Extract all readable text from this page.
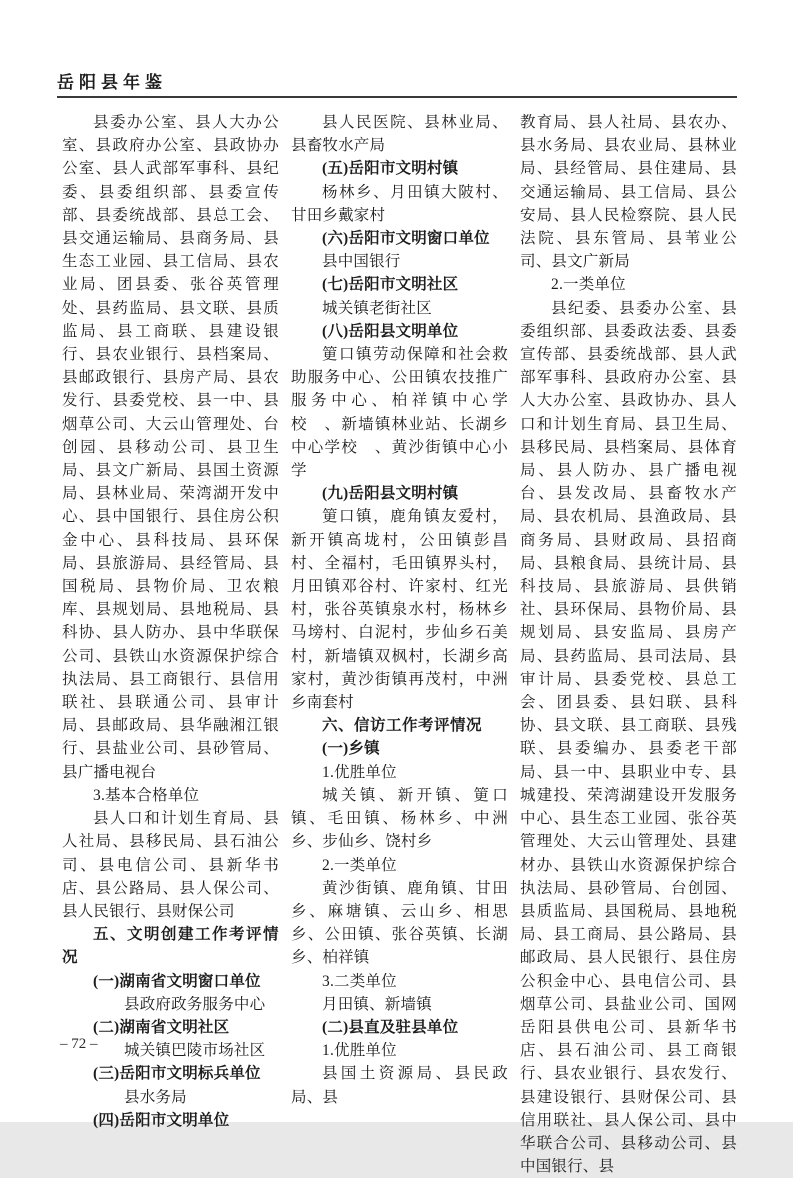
岳阳县年鉴

县委办公室、县人大办公室、县政府办公室、县政协办公室、县人武部军事科、县纪委、县委组织部、县委宣传部、县委统战部、县总工会、县交通运输局、县商务局、县生态工业园、县工信局、县农业局、团县委、张谷英管理处、县药监局、县文联、县质监局、县工商联、县建设银行、县农业银行、县档案局、县邮政银行、县房产局、县农发行、县委党校、县一中、县烟草公司、大云山管理处、台创园、县移动公司、县卫生局、县文广新局、县国土资源局、县林业局、荣湾湖开发中心、县中国银行、县住房公积金中心、县科技局、县环保局、县旅游局、县经管局、县国税局、县物价局、卫农粮库、县规划局、县地税局、县科协、县人防办、县中华联保公司、县铁山水资源保护综合执法局、县工商银行、县信用联社、县联通公司、县审计局、县邮政局、县华融湘江银行、县盐业公司、县砂管局、县广播电视台

3.基本合格单位

县人口和计划生育局、县人社局、县移民局、县石油公司、县电信公司、县新华书店、县公路局、县人保公司、县人民银行、县财保公司

五、文明创建工作考评情况

(一)湖南省文明窗口单位

县政府政务服务中心

(二)湖南省文明社区

城关镇巴陵市场社区

(三)岳阳市文明标兵单位

县水务局

(四)岳阳市文明单位

县人民医院、县林业局、县畜牧水产局

(五)岳阳市文明村镇

杨林乡、月田镇大陂村、甘田乡戴家村

(六)岳阳市文明窗口单位

县中国银行

(七)岳阳市文明社区

城关镇老街社区

(八)岳阳县文明单位

筻口镇劳动保障和社会救助服务中心、公田镇农技推广服务中心、柏祥镇中心学校　、新墙镇林业站、长湖乡中心学校　、黄沙街镇中心小学

(九)岳阳县文明村镇

筻口镇，鹿角镇友爱村，新开镇高垅村，公田镇彭昌村、全福村，毛田镇界头村，月田镇邓谷村、许家村、红光村，张谷英镇泉水村，杨林乡马塝村、白泥村，步仙乡石美村，新墙镇双枫村，长湖乡高家村，黄沙街镇再茂村，中洲乡南套村

六、信访工作考评情况

(一)乡镇

1.优胜单位

城关镇、新开镇、筻口镇、毛田镇、杨林乡、中洲乡、步仙乡、饶村乡

2.一类单位

黄沙街镇、鹿角镇、甘田乡、麻塘镇、云山乡、相思乡、公田镇、张谷英镇、长湖乡、柏祥镇

3.二类单位

月田镇、新墙镇

(二)县直及驻县单位

1.优胜单位

县国土资源局、县民政局、县

教育局、县人社局、县农办、县水务局、县农业局、县林业局、县经管局、县住建局、县交通运输局、县工信局、县公安局、县人民检察院、县人民法院、县东管局、县苇业公司、县文广新局

2.一类单位

县纪委、县委办公室、县委组织部、县委政法委、县委宣传部、县委统战部、县人武部军事科、县政府办公室、县人大办公室、县政协办、县人口和计划生育局、县卫生局、县移民局、县档案局、县体育局、县人防办、县广播电视台、县发改局、县畜牧水产局、县农机局、县渔政局、县商务局、县财政局、县招商局、县粮食局、县统计局、县科技局、县旅游局、县供销社、县环保局、县物价局、县规划局、县安监局、县房产局、县药监局、县司法局、县审计局、县委党校、县总工会、团县委、县妇联、县科协、县文联、县工商联、县残联、县委编办、县委老干部局、县一中、县职业中专、县城建投、荣湾湖建设开发服务中心、县生态工业园、张谷英管理处、大云山管理处、县建材办、县铁山水资源保护综合执法局、县砂管局、台创园、县质监局、县国税局、县地税局、县工商局、县公路局、县邮政局、县人民银行、县住房公积金中心、县电信公司、县烟草公司、县盐业公司、国网岳阳县供电公司、县新华书店、县石油公司、县工商银行、县农业银行、县农发行、县建设银行、县财保公司、县信用联社、县人保公司、县中华联合公司、县移动公司、县中国银行、县

– 72 –
